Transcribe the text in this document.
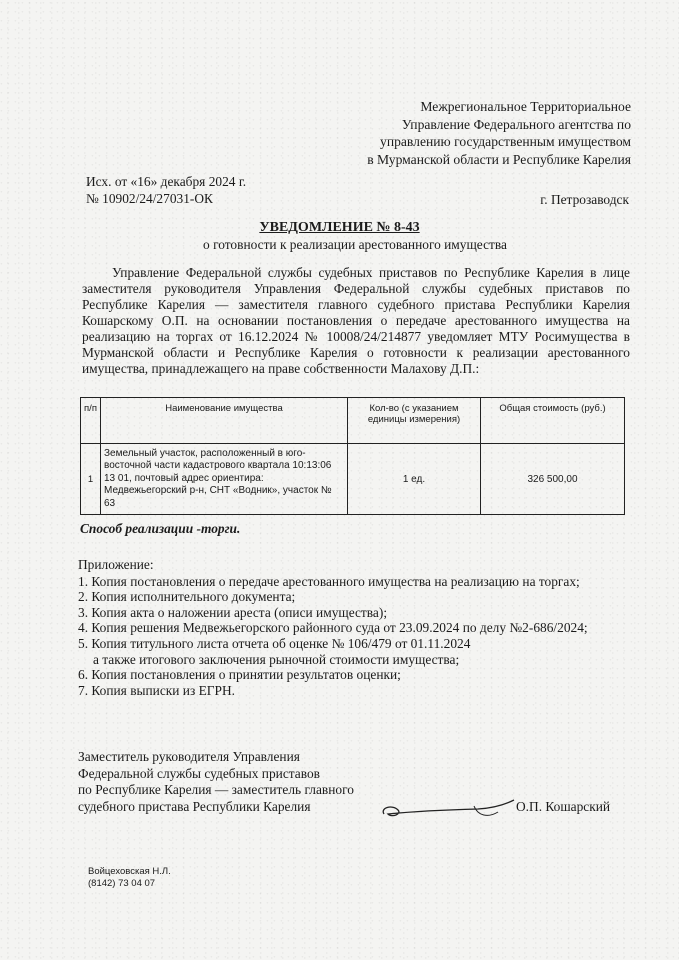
Межрегиональное Территориальное
Управление Федерального агентства по
управлению государственным имуществом
в Мурманской области и Республике Карелия
Исх. от «16» декабря 2024 г.
№ 10902/24/27031-ОК	г. Петрозаводск
УВЕДОМЛЕНИЕ № 8-43
о готовности к реализации арестованного имущества
Управление Федеральной службы судебных приставов по Республике Карелия в лице заместителя руководителя Управления Федеральной службы судебных приставов по Республике Карелия — заместителя главного судебного пристава Республики Карелия Кошарскому О.П. на основании постановления о передаче арестованного имущества на реализацию на торгах от 16.12.2024 № 10008/24/214877 уведомляет МТУ Росимущества в Мурманской области и Республике Карелия о готовности к реализации арестованного имущества, принадлежащего на праве собственности Малахову Д.П.:
п/п	Наименование имущества	Кол-во (с указанием единицы измерения)	Общая стоимость (руб.)
1	Земельный участок, расположенный в юго-восточной части кадастрового квартала 10:13:06 13 01, почтовый адрес ориентира: Медвежьегорский р-н, СНТ «Водник», участок № 63	1 ед.	326 500,00
Способ реализации -торги.
Приложение:
1. Копия постановления о передаче арестованного имущества на реализацию на торгах;
2. Копия исполнительного документа;
3. Копия акта о наложении ареста (описи имущества);
4. Копия решения Медвежьегорского районного суда от 23.09.2024 по делу №2-686/2024;
5. Копия титульного листа отчета об оценке № 106/479 от 01.11.2024
а также итогового заключения рыночной стоимости имущества;
6. Копия постановления о принятии результатов оценки;
7. Копия выписки из ЕГРН.
Заместитель руководителя Управления
Федеральной службы судебных приставов
по Республике Карелия — заместитель главного
судебного пристава Республики Карелия	О.П. Кошарский
Войцеховская Н.Л.
(8142) 73 04 07
